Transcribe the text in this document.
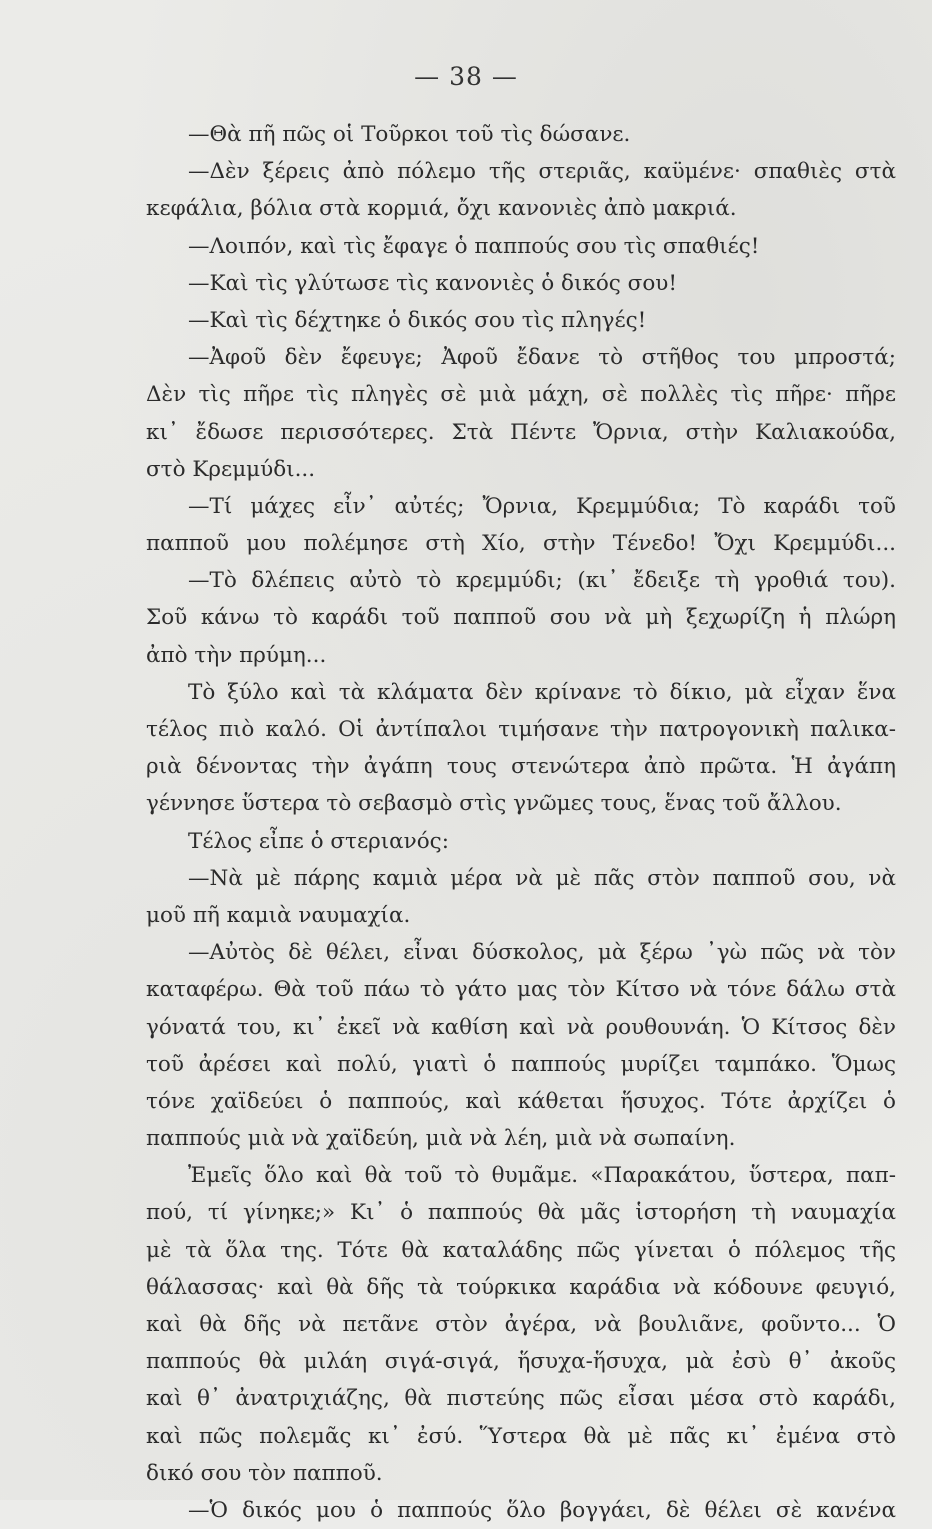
— 38 —
—Θὰ πῆ πῶς οἱ Τοῦρκοι τοῦ τὶς δώσανε.
—Δὲν ξέρεις ἀπὸ πόλεμο τῆς στεριᾶς, καϋμένε· σπαθιὲς στὰ
κεφάλια, βόλια στὰ κορμιά, ὄχι κανονιὲς ἀπὸ μακριά.
—Λοιπόν, καὶ τὶς ἔφαγε ὁ παππούς σου τὶς σπαθιές!
—Καὶ τὶς γλύτωσε τὶς κανονιὲς ὁ δικός σου!
—Καὶ τὶς δέχτηκε ὁ δικός σου τὶς πληγές!
—Ἀφοῦ δὲν ἔφευγε; Ἀφοῦ ἔδανε τὸ στῆθος του μπροστά;
Δὲν τὶς πῆρε τὶς πληγὲς σὲ μιὰ μάχη, σὲ πολλὲς τὶς πῆρε· πῆρε
κι᾽ ἔδωσε περισσότερες. Στὰ Πέντε Ὄρνια, στὴν Καλιακούδα,
στὸ Κρεμμύδι...
—Τί μάχες εἶν᾽ αὐτές; Ὄρνια, Κρεμμύδια; Τὸ καράδι τοῦ
παπποῦ μου πολέμησε στὴ Χίο, στὴν Τένεδο! Ὄχι Κρεμμύδι...
—Τὸ δλέπεις αὐτὸ τὸ κρεμμύδι; (κι᾽ ἔδειξε τὴ γροθιά του).
Σοῦ κάνω τὸ καράδι τοῦ παπποῦ σου νὰ μὴ ξεχωρίζη ἡ πλώρη
ἀπὸ τὴν πρύμη...
Τὸ ξύλο καὶ τὰ κλάματα δὲν κρίνανε τὸ δίκιο, μὰ εἶχαν ἕνα
τέλος πιὸ καλό. Οἱ ἀντίπαλοι τιμήσανε τὴν πατρογονικὴ παλικα-
ριὰ δένοντας τὴν ἀγάπη τους στενώτερα ἀπὸ πρῶτα. Ἡ ἀγάπη
γέννησε ὕστερα τὸ σεβασμὸ στὶς γνῶμες τους, ἕνας τοῦ ἄλλου.
Τέλος εἶπε ὁ στεριανός:
—Νὰ μὲ πάρης καμιὰ μέρα νὰ μὲ πᾶς στὸν παπποῦ σου, νὰ
μοῦ πῆ καμιὰ ναυμαχία.
—Αὐτὸς δὲ θέλει, εἶναι δύσκολος, μὰ ξέρω ᾽γὼ πῶς νὰ τὸν
καταφέρω. Θὰ τοῦ πάω τὸ γάτο μας τὸν Κίτσο νὰ τόνε δάλω στὰ
γόνατά του, κι᾽ ἐκεῖ νὰ καθίση καὶ νὰ ρουθουνάη. Ὁ Κίτσος δὲν
τοῦ ἀρέσει καὶ πολύ, γιατὶ ὁ παππούς μυρίζει ταμπάκο. Ὅμως
τόνε χαϊδεύει ὁ παππούς, καὶ κάθεται ἥσυχος. Τότε ἀρχίζει ὁ
παππούς μιὰ νὰ χαϊδεύη, μιὰ νὰ λέη, μιὰ νὰ σωπαίνη.
Ἐμεῖς ὅλο καὶ θὰ τοῦ τὸ θυμᾶμε. «Παρακάτου, ὕστερα, παπ-
πού, τί γίνηκε;» Κι᾽ ὁ παππούς θὰ μᾶς ἱστορήση τὴ ναυμαχία
μὲ τὰ ὅλα της. Τότε θὰ καταλάδης πῶς γίνεται ὁ πόλεμος τῆς
θάλασσας· καὶ θὰ δῆς τὰ τούρκικα καράδια νὰ κόδουνε φευγιό,
καὶ θὰ δῆς νὰ πετᾶνε στὸν ἀγέρα, νὰ βουλιᾶνε, φοῦντο... Ὁ
παππούς θὰ μιλάη σιγά-σιγά, ἥσυχα-ἥσυχα, μὰ ἐσὺ θ᾽ ἀκοῦς
καὶ θ᾽ ἀνατριχιάζης, θὰ πιστεύης πῶς εἶσαι μέσα στὸ καράδι,
καὶ πῶς πολεμᾶς κι᾽ ἐσύ. Ὕστερα θὰ μὲ πᾶς κι᾽ ἐμένα στὸ
δικό σου τὸν παπποῦ.
—Ὁ δικός μου ὁ παππούς ὅλο βογγάει, δὲ θέλει σὲ κανένα
